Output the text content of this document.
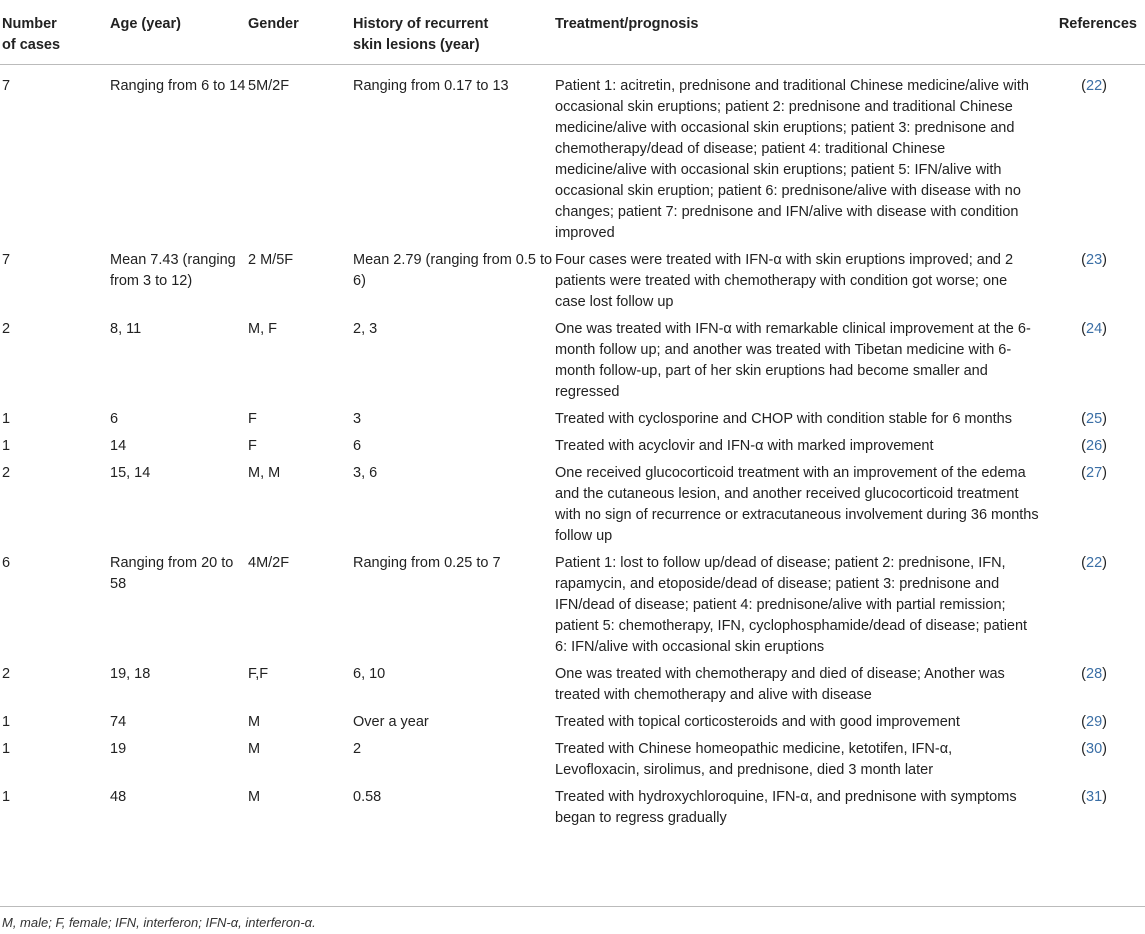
Number
of cases	Age (year)	Gender	History of recurrent
skin lesions (year)	Treatment/prognosis	References
7	Ranging from 6 to 14	5M/2F	Ranging from 0.17 to 13	Patient 1: acitretin, prednisone and traditional Chinese medicine/alive with occasional skin eruptions; patient 2: prednisone and traditional Chinese medicine/alive with occasional skin eruptions; patient 3: prednisone and chemotherapy/dead of disease; patient 4: traditional Chinese medicine/alive with occasional skin eruptions; patient 5: IFN/alive with occasional skin eruption; patient 6: prednisone/alive with disease with no changes; patient 7: prednisone and IFN/alive with disease with condition improved	(22)
7	Mean 7.43 (ranging from 3 to 12)	2 M/5F	Mean 2.79 (ranging from 0.5 to 6)	Four cases were treated with IFN-α with skin eruptions improved; and 2 patients were treated with chemotherapy with condition got worse; one case lost follow up	(23)
2	8, 11	M, F	2, 3	One was treated with IFN-α with remarkable clinical improvement at the 6-month follow up; and another was treated with Tibetan medicine with 6-month follow-up, part of her skin eruptions had become smaller and regressed	(24)
1	6	F	3	Treated with cyclosporine and CHOP with condition stable for 6 months	(25)
1	14	F	6	Treated with acyclovir and IFN-α with marked improvement	(26)
2	15, 14	M, M	3, 6	One received glucocorticoid treatment with an improvement of the edema and the cutaneous lesion, and another received glucocorticoid treatment with no sign of recurrence or extracutaneous involvement during 36 months follow up	(27)
6	Ranging from 20 to 58	4M/2F	Ranging from 0.25 to 7	Patient 1: lost to follow up/dead of disease; patient 2: prednisone, IFN, rapamycin, and etoposide/dead of disease; patient 3: prednisone and IFN/dead of disease; patient 4: prednisone/alive with partial remission; patient 5: chemotherapy, IFN, cyclophosphamide/dead of disease; patient 6: IFN/alive with occasional skin eruptions	(22)
2	19, 18	F,F	6, 10	One was treated with chemotherapy and died of disease; Another was treated with chemotherapy and alive with disease	(28)
1	74	M	Over a year	Treated with topical corticosteroids and with good improvement	(29)
1	19	M	2	Treated with Chinese homeopathic medicine, ketotifen, IFN-α, Levofloxacin, sirolimus, and prednisone, died 3 month later	(30)
1	48	M	0.58	Treated with hydroxychloroquine, IFN-α, and prednisone with symptoms began to regress gradually	(31)
M, male; F, female; IFN, interferon; IFN-α, interferon-α.
